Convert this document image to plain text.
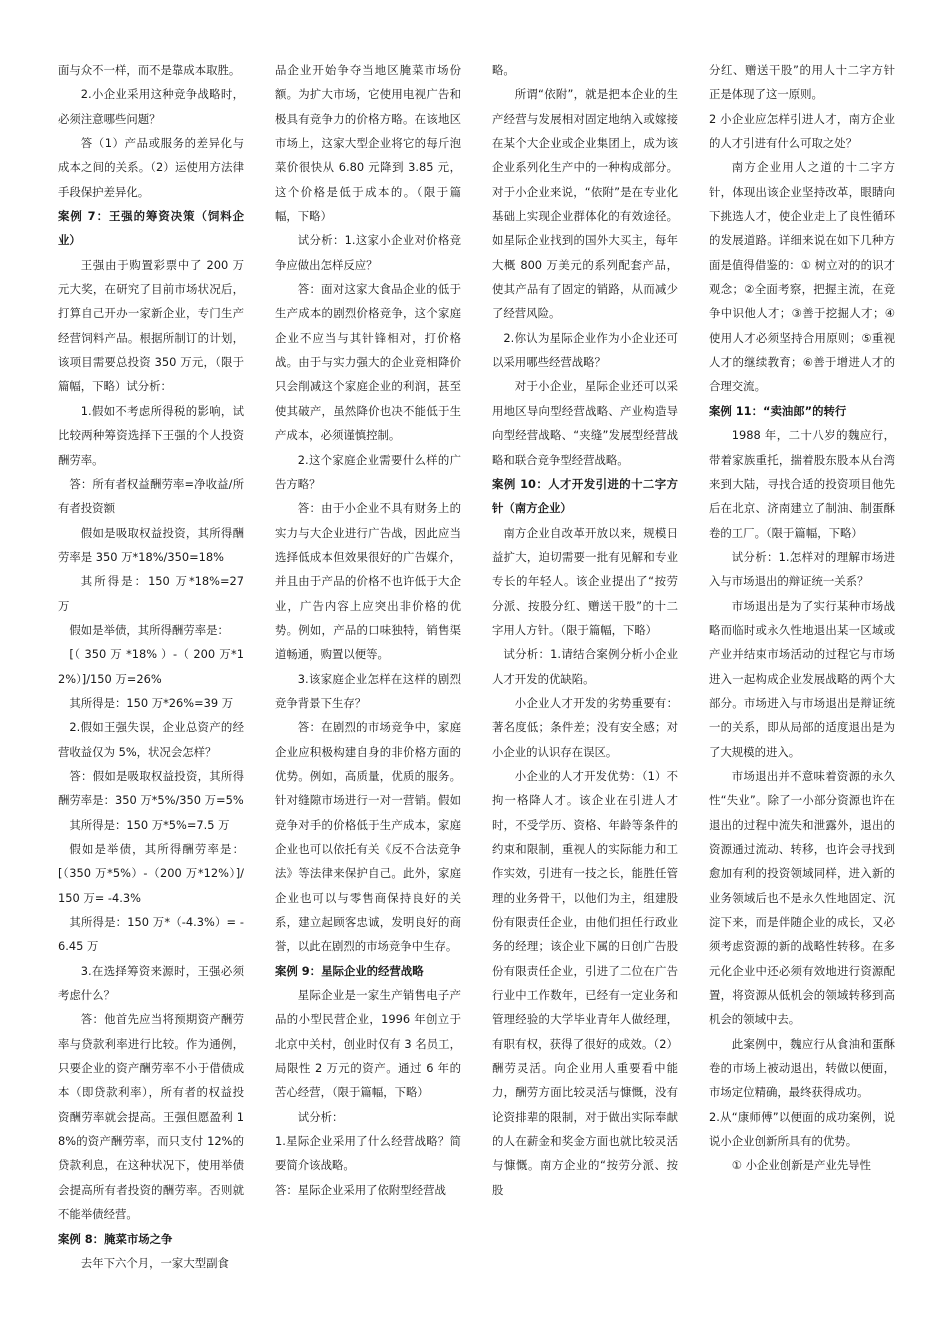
面与众不一样，而不是靠成本取胜。

2.小企业采用这种竞争战略时，必须注意哪些问题？

答（1）产品或服务的差异化与成本之间的关系。（2）运使用方法律手段保护差异化。

案例 7：王强的筹资决策（饲料企业）

王强由于购置彩票中了 200 万元大奖，在研究了目前市场状况后，打算自己开办一家新企业，专门生产经营饲料产品。根据所制订的计划，该项目需要总投资 350 万元，（限于篇幅，下略）试分析：

1.假如不考虑所得税的影响，试比较两种筹资选择下王强的个人投资酬劳率。

答：所有者权益酬劳率=净收益/所有者投资额

假如是吸取权益投资，其所得酬劳率是 350 万*18%/350=18%

其所得是：150 万*18%=27 万

假如是举债，其所得酬劳率是：

[（ 350 万 *18% ）-（ 200 万*12%）]/150 万=26%

其所得是：150 万*26%=39 万

2.假如王强失误，企业总资产的经营收益仅为 5%，状况会怎样？

答：假如是吸取权益投资，其所得酬劳率是：350 万*5%/350 万=5%

其所得是：150 万*5%=7.5 万

假如是举债，其所得酬劳率是：[（350 万*5%）-（200 万*12%）]/150 万= -4.3%

其所得是：150 万*（-4.3%）= -6.45 万

3.在选择筹资来源时，王强必须考虑什么？

答：他首先应当将预期资产酬劳率与贷款利率进行比较。作为通例，只要企业的资产酬劳率不小于借债成本（即贷款利率），所有者的权益投资酬劳率就会提高。王强但愿盈利 18%的资产酬劳率，而只支付 12%的贷款利息，在这种状况下，使用举债会提高所有者投资的酬劳率。否则就不能举债经营。

案例 8：腌菜市场之争

去年下六个月，一家大型副食

品企业开始争夺当地区腌菜市场份额。为扩大市场，它使用电视广告和极具有竞争力的价格方略。在该地区市场上，这家大型企业将它的每斤泡菜价很快从 6.80 元降到 3.85 元，这个价格是低于成本的。（限于篇幅，下略）

试分析：1.这家小企业对价格竞争应做出怎样反应？

答：面对这家大食品企业的低于生产成本的剧烈价格竞争，这个家庭企业不应当与其针锋相对，打价格战。由于与实力强大的企业竞相降价只会削减这个家庭企业的利润，甚至使其破产，虽然降价也决不能低于生产成本，必须谨慎控制。

2.这个家庭企业需要什么样的广告方略？

答：由于小企业不具有财务上的实力与大企业进行广告战，因此应当选择低成本但效果很好的广告媒介，并且由于产品的价格不也许低于大企业，广告内容上应突出非价格的优势。例如，产品的口味独特，销售渠道畅通，购置以便等。

3.该家庭企业怎样在这样的剧烈竞争背景下生存？

答：在剧烈的市场竞争中，家庭企业应积极构建自身的非价格方面的优势。例如，高质量，优质的服务。针对缝隙市场进行一对一营销。假如竞争对手的价格低于生产成本，家庭企业也可以依托有关《反不合法竞争法》等法律来保护自己。此外，家庭企业也可以与零售商保持良好的关系，建立起顾客忠诚，发明良好的商誉，以此在剧烈的市场竞争中生存。

案例 9：星际企业的经营战略

星际企业是一家生产销售电子产品的小型民营企业，1996 年创立于北京中关村，创业时仅有 3 名员工，局限性 2 万元的资产。通过 6 年的苦心经营，（限于篇幅，下略）

试分析：

1.星际企业采用了什么经营战略？简要简介该战略。

答：星际企业采用了依附型经营战

略。

所谓“依附”，就是把本企业的生产经营与发展相对固定地纳入或嫁接在某个大企业或企业集团上，成为该企业系列化生产中的一种构成部分。对于小企业来说，“依附”是在专业化基础上实现企业群体化的有效途径。如星际企业找到的国外大买主，每年大概 800 万美元的系列配套产品，使其产品有了固定的销路，从而减少了经营风险。

2.你认为星际企业作为小企业还可以采用哪些经营战略？

对于小企业，星际企业还可以采用地区导向型经营战略、产业构造导向型经营战略、“夹缝”发展型经营战略和联合竞争型经营战略。

案例 10：人才开发引进的十二字方针（南方企业）

南方企业自改革开放以来，规模日益扩大，迫切需要一批有见解和专业专长的年轻人。该企业提出了“按劳分派、按股分红、赠送干股”的十二字用人方针。（限于篇幅，下略）

试分析：1.请结合案例分析小企业人才开发的优缺陷。

小企业人才开发的劣势重要有：著名度低；条件差；没有安全感；对小企业的认识存在误区。

小企业的人才开发优势：（1）不拘一格降人才。该企业在引进人才时，不受学历、资格、年龄等条件的约束和限制，重视人的实际能力和工作实效，引进有一技之长，能胜任管理的业务骨干，以他们为主，组建股份有限责任企业，由他们担任行政业务的经理；该企业下属的日创广告股份有限责任企业，引进了二位在广告行业中工作数年，已经有一定业务和管理经验的大学毕业青年人做经理，有职有权，获得了很好的成效。（2）酬劳灵活。向企业用人重要看中能力，酬劳方面比较灵活与慷慨，没有论资排辈的限制，对于做出实际奉献的人在薪金和奖金方面也就比较灵活与慷慨。南方企业的“按劳分派、按股

分红、赠送干股”的用人十二字方针正是体现了这一原则。

2 小企业应怎样引进人才，南方企业的人才引进有什么可取之处？

南方企业用人之道的十二字方针，体现出该企业坚持改革，眼睛向下挑选人才，使企业走上了良性循环的发展道路。详细来说在如下几种方面是值得借鉴的：① 树立对的的识才观念；②全面考察，把握主流，在竞争中识他人才；③善于挖掘人才；④使用人才必须坚持合用原则；⑤重视人才的继续教育；⑥善于增进人才的合理交流。

案例 11：“卖油郎”的转行

1988 年，二十八岁的魏应行，带着家族重托，揣着股东股本从台湾来到大陆，寻找合适的投资项目他先后在北京、济南建立了制油、制蛋酥卷的工厂。（限于篇幅，下略）

试分析：1.怎样对的理解市场进入与市场退出的辩证统一关系？

市场退出是为了实行某种市场战略而临时或永久性地退出某一区域或产业并结束市场活动的过程它与市场进入一起构成企业发展战略的两个大部分。市场进入与市场退出是辩证统一的关系，即从局部的适度退出是为了大规模的进入。

市场退出并不意味着资源的永久性“失业”。除了一小部分资源也许在退出的过程中流失和泄露外，退出的资源通过流动、转移，也许会寻找到愈加有利的投资领域同样，进入新的业务领域后也不是永久性地固定、沉淀下来，而是伴随企业的成长，又必须考虑资源的新的战略性转移。在多元化企业中还必须有效地进行资源配置，将资源从低机会的领域转移到高机会的领域中去。

此案例中，魏应行从食油和蛋酥卷的市场上被动退出，转做以便面，市场定位精确，最终获得成功。

2.从“康师傅”以便面的成功案例，说说小企业创新所具有的优势。

① 小企业创新是产业先导性
